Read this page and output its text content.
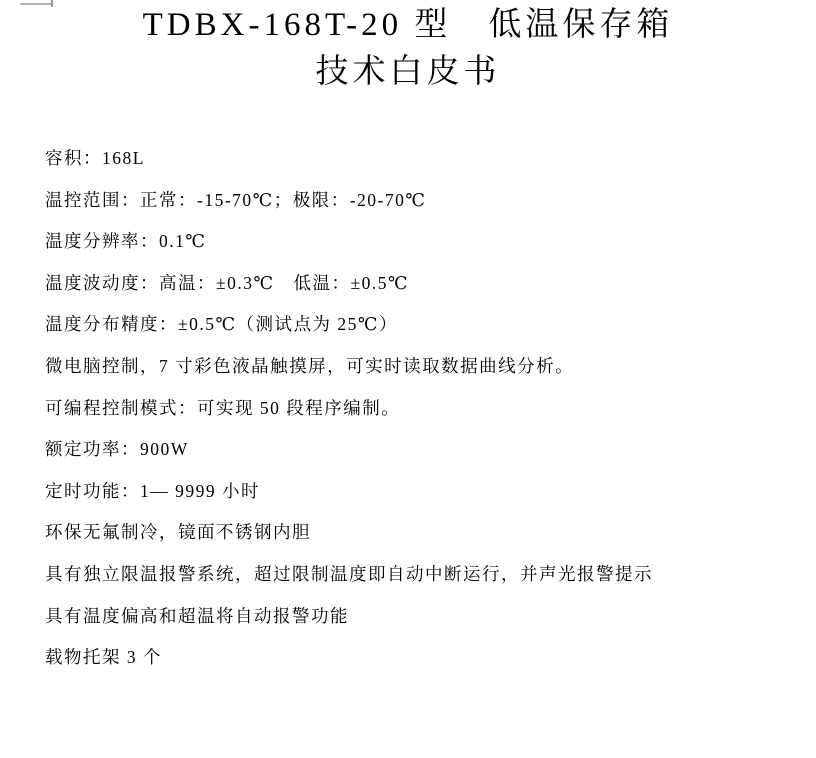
TDBX-168T-20 型　低温保存箱
技术白皮书

容积：168L

温控范围：正常：-15-70℃；极限：-20-70℃

温度分辨率：0.1℃

温度波动度：高温：±0.3℃　低温：±0.5℃

温度分布精度：±0.5℃（测试点为 25℃）

微电脑控制，7 寸彩色液晶触摸屏，可实时读取数据曲线分析。

可编程控制模式：可实现 50 段程序编制。

额定功率：900W

定时功能：1— 9999 小时

环保无氟制冷，镜面不锈钢内胆

具有独立限温报警系统，超过限制温度即自动中断运行，并声光报警提示

具有温度偏高和超温将自动报警功能

载物托架 3 个
